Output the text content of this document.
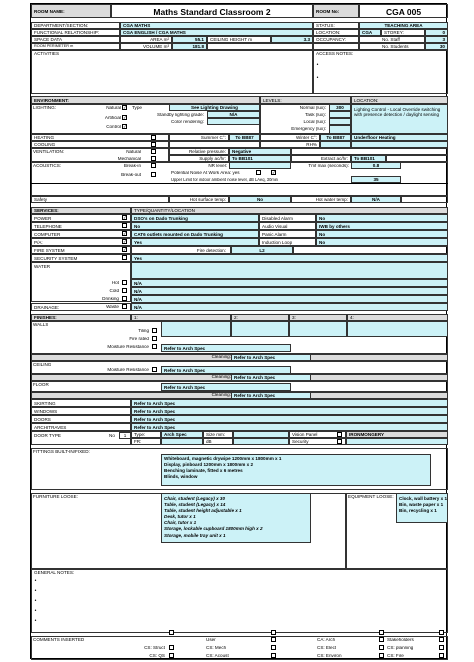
ROOM NAME:	Maths Standard Classroom 2	ROOM No:	CGA 005
DEPARTMENT/SECTION:	CGA MATHS	STATUS:	TEACHING AREA
FUNCTIONAL RELATIONSHIP:	CGA ENGLISH / CGA MATHS	LOCATION:	CGA	STOREY:	0
SPACE DATA	AREA m²	55.1	CEILING HEIGHT m	3.3	OCCUPANCY:	No. Staff	3
ROOM PERIMETER m	VOLUME m³	181.8	No. Students	30
ACTIVITIES	ACCESS NOTES:
•
•
ENVIRONMENT:	LEVELS:	LOCATION:
LIGHTING:	Natural ✓
Artificial ✓
Control ✓
Type	See Lighting Drawing
Standby lighting grade:	N/A
Color rendering:
Normal (lux):	300
Task (lux):
Local (lux):
Emergency (lux):
Lighting Control - Local Override switching with presence detection / daylight sensing
HEATING	Summer C°:	To BB87	Winter C°:	To BB87	Underfloor Heating
COOLING	RH%
VENTILATION:	Natural
Mechanical
Relative pressure:	Negative
Supply ac/hr:	To BB101	Extract ac/hr:	To BB101
ACOUSTICS:	Break-in
Break-out
NR level:	Tmf max (seconds):	0.8
Potential Noise At Work Area: yes	✓
Upper Limit for indoor ambient noise level, dB LAeq, 30min	35
Safety	Hot surface temp:	No	Hot water temp:	N/A
SERVICES:	TYPE/QUANTITY/LOCATION
POWER	✓	DSO's on Dado Trunking	Disabled Alarm	No
TELEPHONE	No	Audio Visual	IWB by others
COMPUTER	✓	CAT6 outlets mounted on Dado Trunking	Panic Alarm	No
P/A:	✓	Yes	Induction Loop	No
FIRE SYSTEM	✓	Fire detection:	L2
SECURITY SYSTEM	Yes
WATER
Hot	N/A
Cold	N/A
Drinking	N/A
DRAINAGE:	Waste	N/A
FINISHES:	1:	2:	3:	4:
WALLS
Tiling
Fire rated
Moisture Resistance	Refer to Arch Spec
Cleaning: Refer to Arch Spec
CEILING
Moisture Resistance	Refer to Arch Spec
Cleaning: Refer to Arch Spec
FLOOR	Refer to Arch Spec
Cleaning: Refer to Arch Spec
SKIRTING	Refer to Arch Spec
WINDOWS	Refer to Arch Spec
DOORS	Refer to Arch Spec
ARCHITRAVES	Refer to Arch Spec
DOOR TYPE	No	1	Type:	Arch Spec	Size mm:
FR:	dB
Vision Panel
Security
IRONMONGERY
FITTINGS BUILT-IN/FIXED:
Whiteboard, magnetic drywipe 1200mm x 1800mm x 1
Display, pinboard 1200mm x 1800mm x 2
Benching laminate, fitted x 6 metres
Blinds, window
FURNITURE LOOSE:	Chair, student (Legacy) x 30
Table, student (Legacy) x 14
Table, student height adjustable x 1
Desk, tutor x 1
Chair, tutor x 1
Storage, lockable cupboard 1800mm high x 2
Storage, mobile tray unit x 1
EQUIPMENT LOOSE:	Clock, wall battery x 1
Bin, waste paper x 1
Bin, recycling x 1
GENERAL NOTES:
•
•
•
•
•
COMMENTS INSERTED	User	CA: Arch	Stakeholders
CS: Struct	CS: Mech	CS: Elect	CS: planning
CS: QS	CS: Acoust	CS: Environ	CS: Fire
